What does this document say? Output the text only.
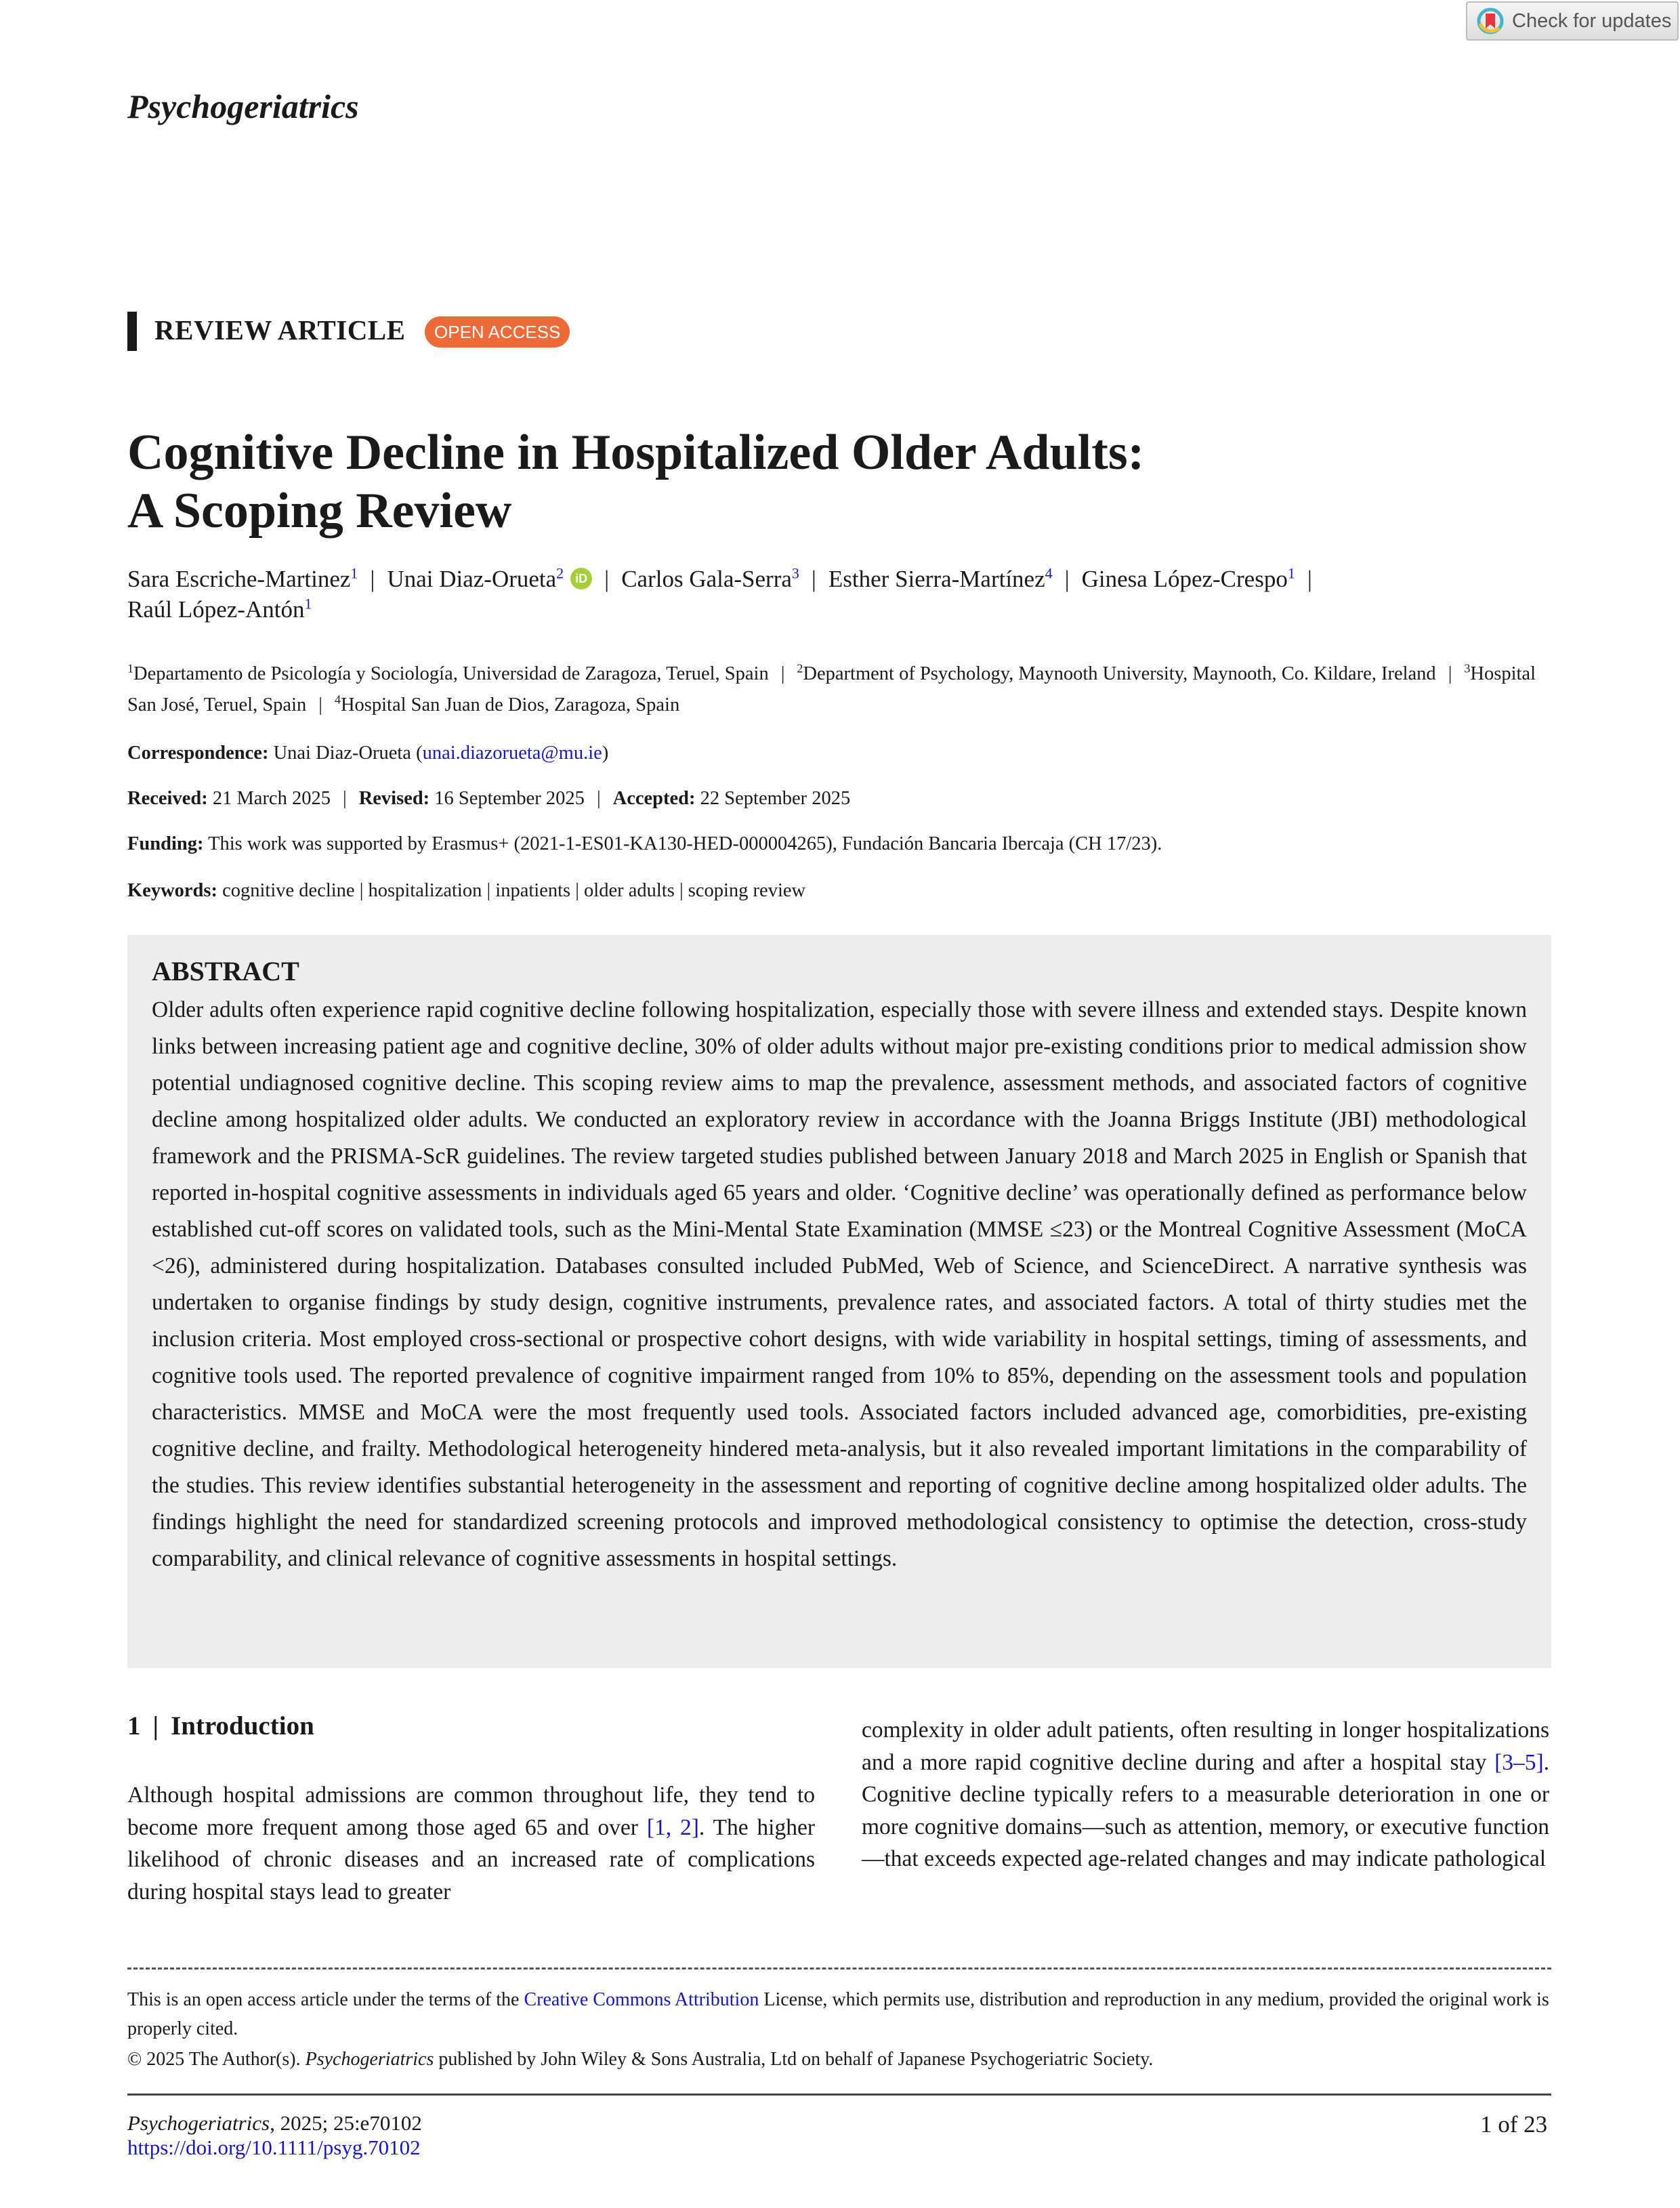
Check for updates
Psychogeriatrics
REVIEW ARTICLE	OPEN ACCESS
Cognitive Decline in Hospitalized Older Adults:
A Scoping Review
Sara Escriche-Martinez$^1$ | Unai Diaz-Orueta$^2$ iD | Carlos Gala-Serra$^3$ | Esther Sierra-Martínez$^4$ | Ginesa López-Crespo$^1$ |
Raúl López-Antón$^1$
$^1$Departamento de Psicología y Sociología, Universidad de Zaragoza, Teruel, Spain | $^2$Department of Psychology, Maynooth University, Maynooth, Co. Kildare, Ireland | $^3$Hospital San José, Teruel, Spain | $^4$Hospital San Juan de Dios, Zaragoza, Spain
Correspondence: Unai Diaz-Orueta (unai.diazorueta@mu.ie)
Received: 21 March 2025 | Revised: 16 September 2025 | Accepted: 22 September 2025
Funding: This work was supported by Erasmus+ (2021-1-ES01-KA130-HED-000004265), Fundación Bancaria Ibercaja (CH 17/23).
Keywords: cognitive decline | hospitalization | inpatients | older adults | scoping review
ABSTRACT
Older adults often experience rapid cognitive decline following hospitalization, especially those with severe illness and extended stays. Despite known links between increasing patient age and cognitive decline, 30% of older adults without major pre-existing conditions prior to medical admission show potential undiagnosed cognitive decline. This scoping review aims to map the prevalence, assessment methods, and associated factors of cognitive decline among hospitalized older adults. We conducted an exploratory review in accordance with the Joanna Briggs Institute (JBI) methodological framework and the PRISMA-ScR guidelines. The review targeted studies published between January 2018 and March 2025 in English or Spanish that reported in-hospital cognitive assessments in individuals aged 65 years and older. ‘Cognitive decline’ was operationally defined as performance below established cut-off scores on validated tools, such as the Mini-Mental State Examination (MMSE ≤23) or the Montreal Cognitive Assessment (MoCA <26), administered during hospitalization. Databases consulted included PubMed, Web of Science, and ScienceDirect. A narrative synthesis was undertaken to organise findings by study design, cognitive instruments, prevalence rates, and associated factors. A total of thirty studies met the inclusion criteria. Most employed cross-sectional or prospective cohort designs, with wide variability in hospital settings, timing of assessments, and cognitive tools used. The reported prevalence of cognitive impairment ranged from 10% to 85%, depending on the assessment tools and population characteristics. MMSE and MoCA were the most frequently used tools. Associated factors included advanced age, comorbidities, pre-existing cognitive decline, and frailty. Methodological heterogeneity hindered meta-analysis, but it also revealed important limitations in the comparability of the studies. This review identifies substantial heterogeneity in the assessment and reporting of cognitive decline among hospitalized older adults. The findings highlight the need for standardized screening protocols and improved methodological consistency to optimise the detection, cross-study comparability, and clinical relevance of cognitive assessments in hospital settings.
1 | Introduction
Although hospital admissions are common throughout life, they tend to become more frequent among those aged 65 and over [1, 2]. The higher likelihood of chronic diseases and an increased rate of complications during hospital stays lead to greater
complexity in older adult patients, often resulting in longer hospitalizations and a more rapid cognitive decline during and after a hospital stay [3–5]. Cognitive decline typically refers to a measurable deterioration in one or more cognitive domains—such as attention, memory, or executive function—that exceeds expected age-related changes and may indicate pathological
This is an open access article under the terms of the Creative Commons Attribution License, which permits use, distribution and reproduction in any medium, provided the original work is properly cited.
© 2025 The Author(s). Psychogeriatrics published by John Wiley & Sons Australia, Ltd on behalf of Japanese Psychogeriatric Society.
Psychogeriatrics, 2025; 25:e70102
https://doi.org/10.1111/psyg.70102
1 of 23
